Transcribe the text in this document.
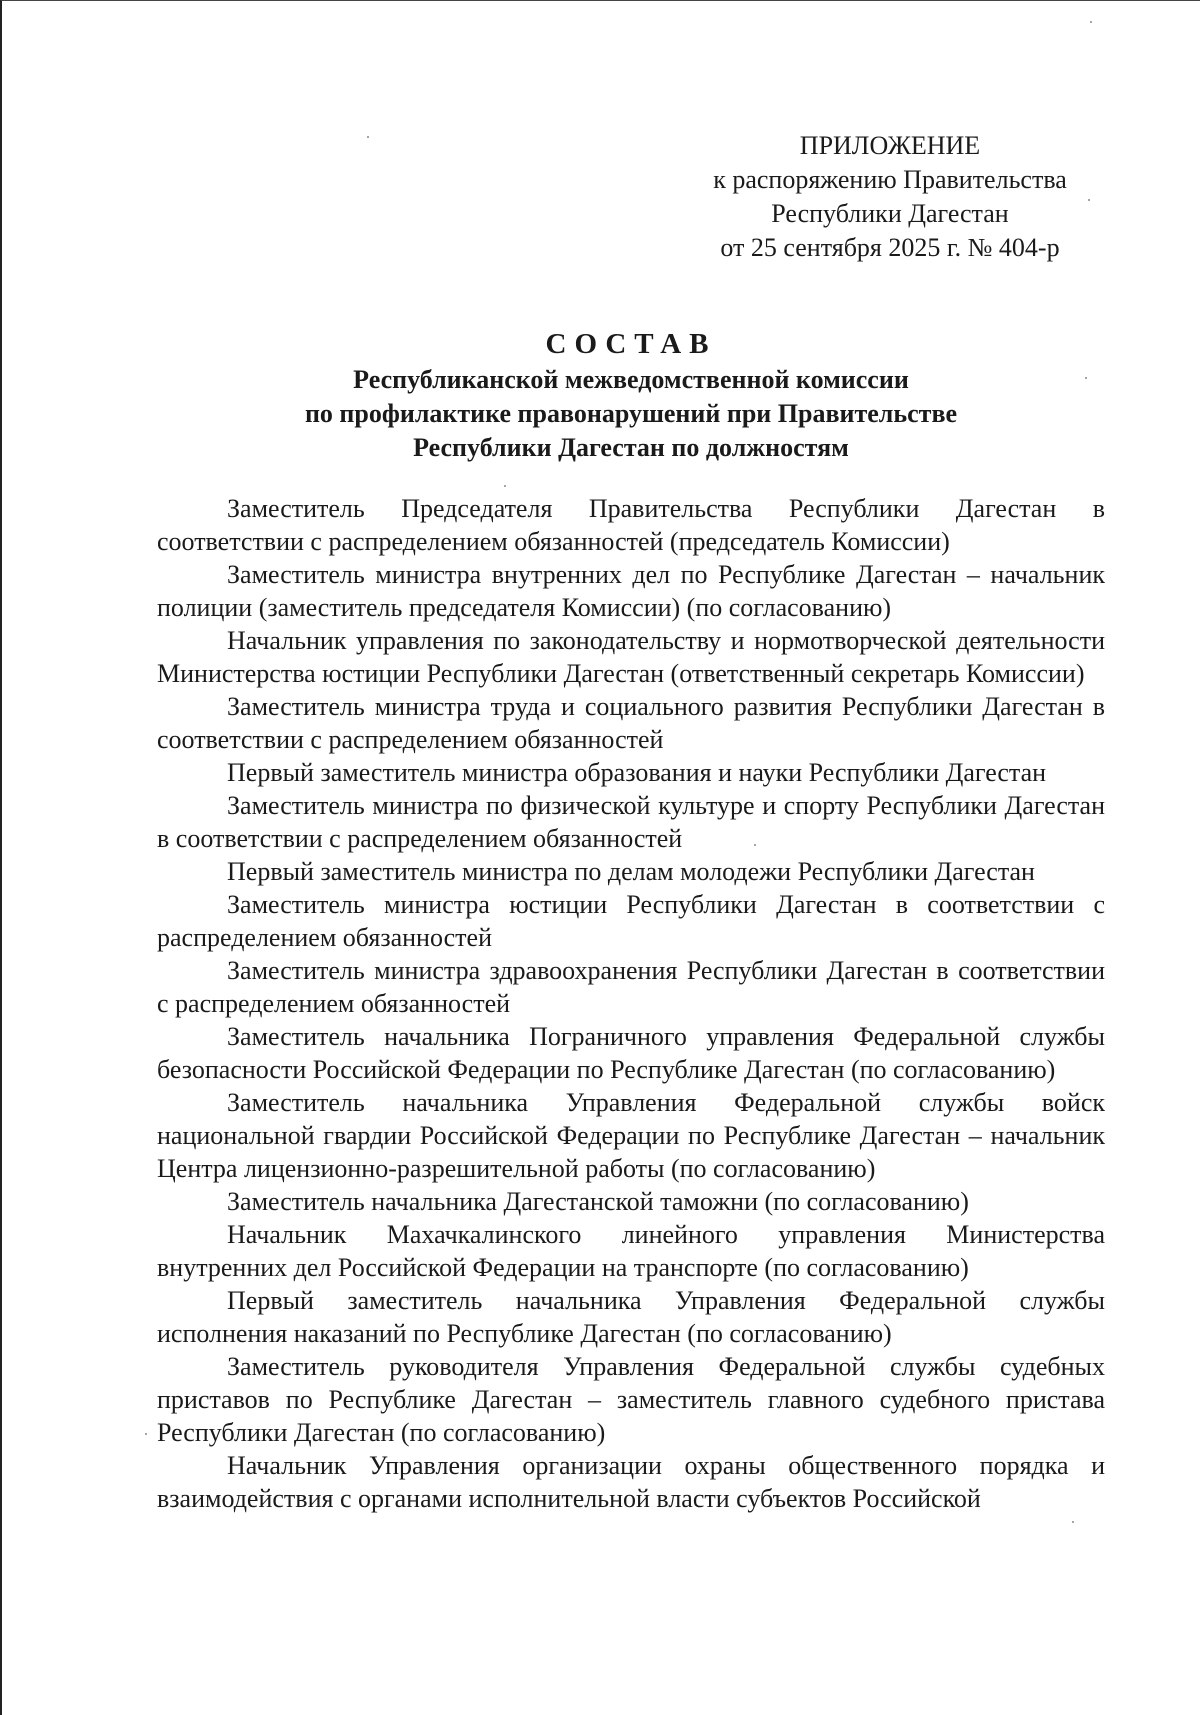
ПРИЛОЖЕНИЕ
к распоряжению Правительства
Республики Дагестан
от 25 сентября 2025 г. № 404-р
СОСТАВ
Республиканской межведомственной комиссии
по профилактике правонарушений при Правительстве
Республики Дагестан по должностям

Заместитель Председателя Правительства Республики Дагестан в соответствии с распределением обязанностей (председатель Комиссии)

Заместитель министра внутренних дел по Республике Дагестан – начальник полиции (заместитель председателя Комиссии) (по согласованию)

Начальник управления по законодательству и нормотворческой деятельности Министерства юстиции Республики Дагестан (ответственный секретарь Комиссии)

Заместитель министра труда и социального развития Республики Дагестан в соответствии с распределением обязанностей

Первый заместитель министра образования и науки Республики Дагестан

Заместитель министра по физической культуре и спорту Республики Дагестан в соответствии с распределением обязанностей

Первый заместитель министра по делам молодежи Республики Дагестан

Заместитель министра юстиции Республики Дагестан в соответствии с распределением обязанностей

Заместитель министра здравоохранения Республики Дагестан в соответствии с распределением обязанностей

Заместитель начальника Пограничного управления Федеральной службы безопасности Российской Федерации по Республике Дагестан (по согласованию)

Заместитель начальника Управления Федеральной службы войск национальной гвардии Российской Федерации по Республике Дагестан – начальник Центра лицензионно-разрешительной работы (по согласованию)

Заместитель начальника Дагестанской таможни (по согласованию)

Начальник Махачкалинского линейного управления Министерства внутренних дел Российской Федерации на транспорте (по согласованию)

Первый заместитель начальника Управления Федеральной службы исполнения наказаний по Республике Дагестан (по согласованию)

Заместитель руководителя Управления Федеральной службы судебных приставов по Республике Дагестан – заместитель главного судебного пристава Республики Дагестан (по согласованию)

Начальник Управления организации охраны общественного порядка и взаимодействия с органами исполнительной власти субъектов Российской
